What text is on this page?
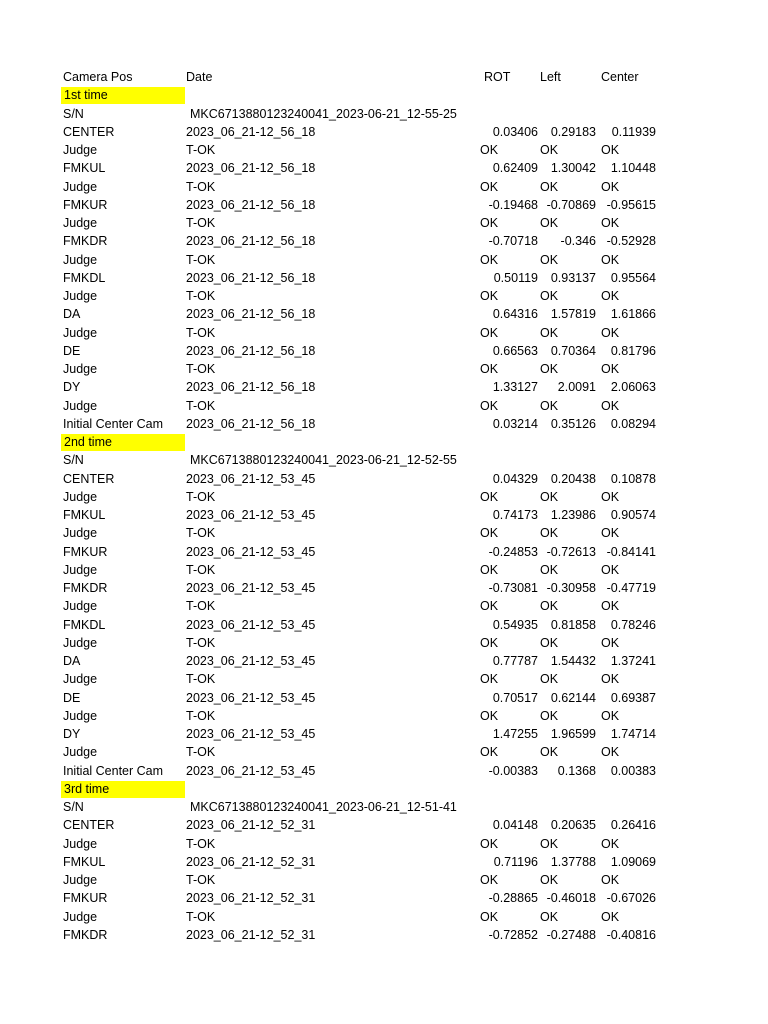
Camera Pos	Date	ROT Left	Center
1st time
S/N	MKC6713880123240041_2023-06-21_12-55-25
CENTER	2023_06_21-12_56_18	0.03406	0.29183	0.11939
Judge	T-OK	OK	OK	OK
FMKUL	2023_06_21-12_56_18	0.62409	1.30042	1.10448
Judge	T-OK	OK	OK	OK
FMKUR	2023_06_21-12_56_18	-0.19468 -0.70869 -0.95615
Judge	T-OK	OK	OK	OK
FMKDR	2023_06_21-12_56_18	-0.70718	-0.346 -0.52928
Judge	T-OK	OK	OK	OK
FMKDL	2023_06_21-12_56_18	0.50119	0.93137	0.95564
Judge	T-OK	OK	OK	OK
DA	2023_06_21-12_56_18	0.64316	1.57819	1.61866
Judge	T-OK	OK	OK	OK
DE	2023_06_21-12_56_18	0.66563	0.70364	0.81796
Judge	T-OK	OK	OK	OK
DY	2023_06_21-12_56_18	1.33127	2.0091	2.06063
Judge	T-OK	OK	OK	OK
Initial Center Cam 2023_06_21-12_56_18	0.03214	0.35126	0.08294
2nd time
S/N	MKC6713880123240041_2023-06-21_12-52-55
CENTER	2023_06_21-12_53_45	0.04329	0.20438	0.10878
Judge	T-OK	OK	OK	OK
FMKUL	2023_06_21-12_53_45	0.74173	1.23986	0.90574
Judge	T-OK	OK	OK	OK
FMKUR	2023_06_21-12_53_45	-0.24853 -0.72613 -0.84141
Judge	T-OK	OK	OK	OK
FMKDR	2023_06_21-12_53_45	-0.73081 -0.30958 -0.47719
Judge	T-OK	OK	OK	OK
FMKDL	2023_06_21-12_53_45	0.54935	0.81858	0.78246
Judge	T-OK	OK	OK	OK
DA	2023_06_21-12_53_45	0.77787	1.54432	1.37241
Judge	T-OK	OK	OK	OK
DE	2023_06_21-12_53_45	0.70517	0.62144	0.69387
Judge	T-OK	OK	OK	OK
DY	2023_06_21-12_53_45	1.47255	1.96599	1.74714
Judge	T-OK	OK	OK	OK
Initial Center Cam 2023_06_21-12_53_45	-0.00383	0.1368	0.00383
3rd time
S/N	MKC6713880123240041_2023-06-21_12-51-41
CENTER	2023_06_21-12_52_31	0.04148	0.20635	0.26416
Judge	T-OK	OK	OK	OK
FMKUL	2023_06_21-12_52_31	0.71196	1.37788	1.09069
Judge	T-OK	OK	OK	OK
FMKUR	2023_06_21-12_52_31	-0.28865 -0.46018 -0.67026
Judge	T-OK	OK	OK	OK
FMKDR	2023_06_21-12_52_31	-0.72852 -0.27488 -0.40816
